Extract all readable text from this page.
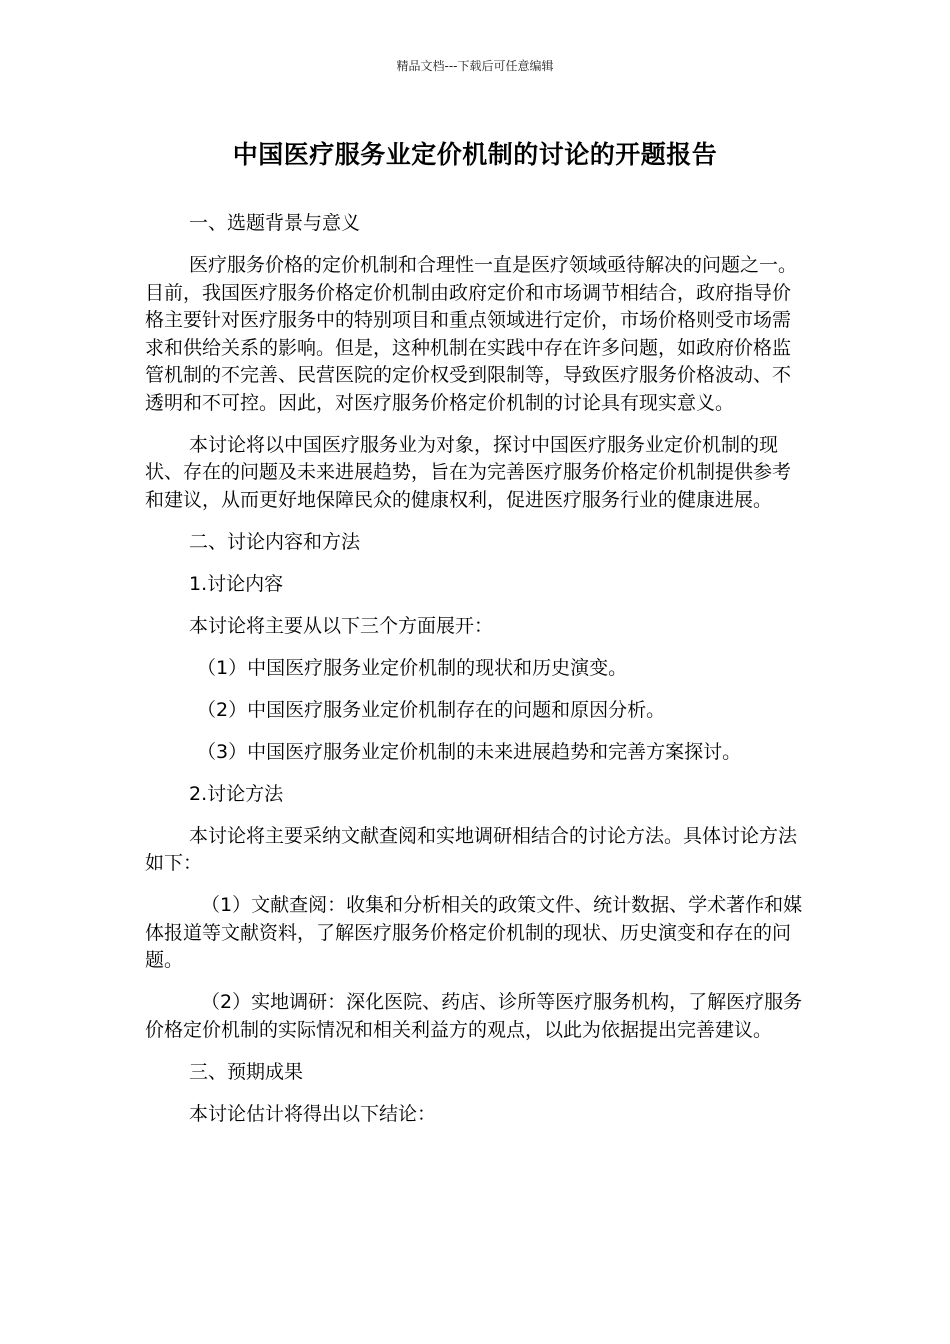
精品文档---下载后可任意编辑
中国医疗服务业定价机制的讨论的开题报告

一、选题背景与意义

医疗服务价格的定价机制和合理性一直是医疗领域亟待解决的问题之一。目前，我国医疗服务价格定价机制由政府定价和市场调节相结合，政府指导价格主要针对医疗服务中的特别项目和重点领域进行定价，市场价格则受市场需求和供给关系的影响。但是，这种机制在实践中存在许多问题，如政府价格监管机制的不完善、民营医院的定价权受到限制等，导致医疗服务价格波动、不透明和不可控。因此，对医疗服务价格定价机制的讨论具有现实意义。

本讨论将以中国医疗服务业为对象，探讨中国医疗服务业定价机制的现状、存在的问题及未来进展趋势，旨在为完善医疗服务价格定价机制提供参考和建议，从而更好地保障民众的健康权利，促进医疗服务行业的健康进展。

二、讨论内容和方法

1.讨论内容

本讨论将主要从以下三个方面展开：

（1）中国医疗服务业定价机制的现状和历史演变。

（2）中国医疗服务业定价机制存在的问题和原因分析。

（3）中国医疗服务业定价机制的未来进展趋势和完善方案探讨。

2.讨论方法

本讨论将主要采纳文献查阅和实地调研相结合的讨论方法。具体讨论方法如下：

（1）文献查阅：收集和分析相关的政策文件、统计数据、学术著作和媒体报道等文献资料，了解医疗服务价格定价机制的现状、历史演变和存在的问题。

（2）实地调研：深化医院、药店、诊所等医疗服务机构，了解医疗服务价格定价机制的实际情况和相关利益方的观点，以此为依据提出完善建议。

三、预期成果

本讨论估计将得出以下结论：
